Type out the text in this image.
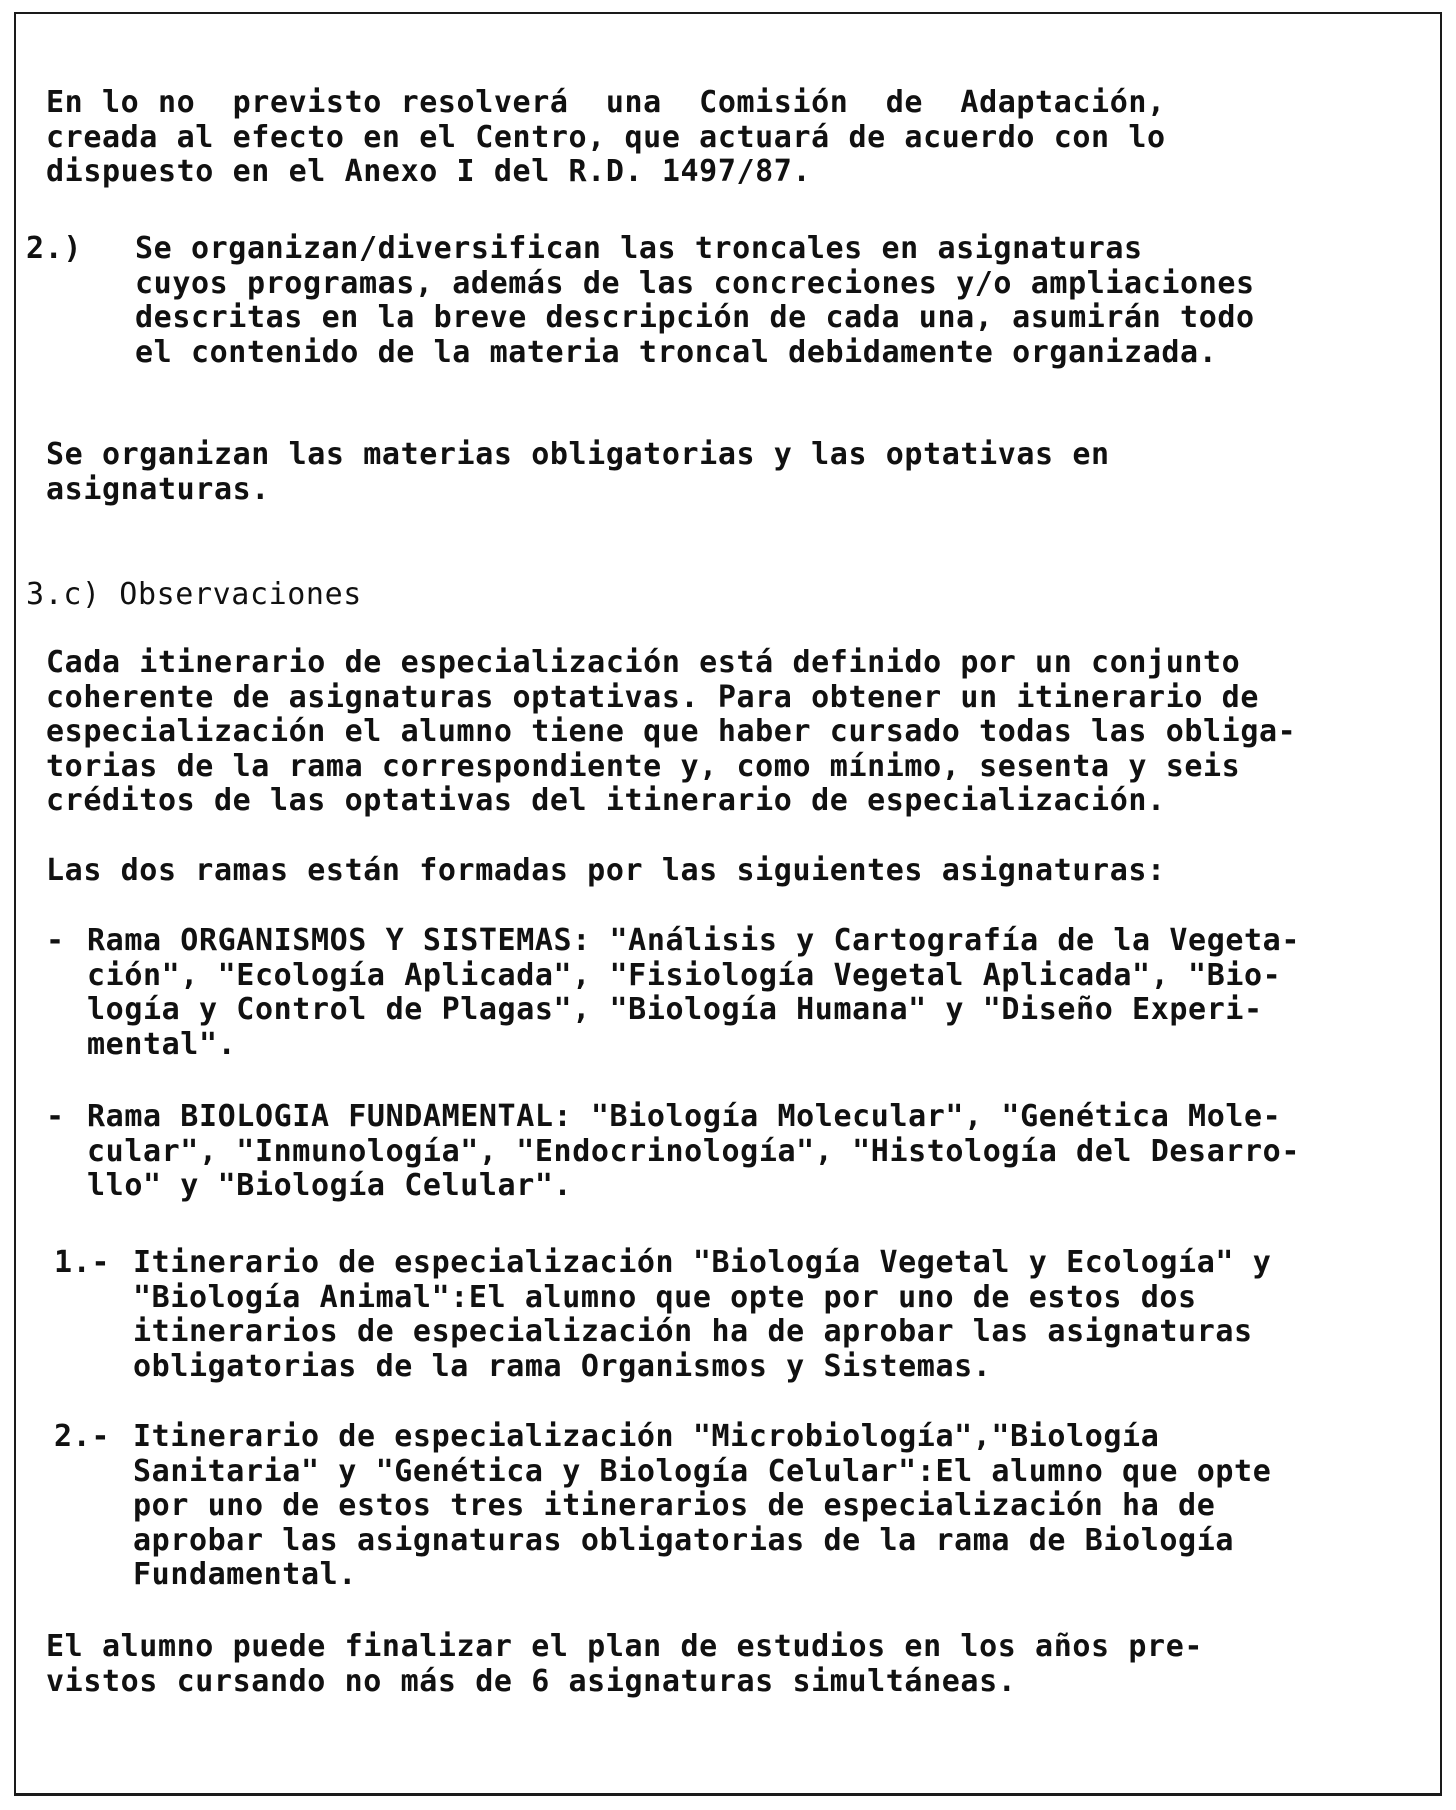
En lo no  previsto resolverá  una  Comisión  de  Adaptación,
creada al efecto en el Centro, que actuará de acuerdo con lo
dispuesto en el Anexo I del R.D. 1497/87.
2.) Se organizan/diversifican las troncales en asignaturas
cuyos programas, además de las concreciones y/o ampliaciones
descritas en la breve descripción de cada una, asumirán todo
el contenido de la materia troncal debidamente organizada.
Se organizan las materias obligatorias y las optativas en
asignaturas.
3.c) Observaciones
Cada itinerario de especialización está definido por un conjunto
coherente de asignaturas optativas. Para obtener un itinerario de
especialización el alumno tiene que haber cursado todas las obliga-
torias de la rama correspondiente y, como mínimo, sesenta y seis
créditos de las optativas del itinerario de especialización.
Las dos ramas están formadas por las siguientes asignaturas:
- Rama ORGANISMOS Y SISTEMAS: "Análisis y Cartografía de la Vegeta-
ción", "Ecología Aplicada", "Fisiología Vegetal Aplicada", "Bio-
logía y Control de Plagas", "Biología Humana" y "Diseño Experi-
mental".
- Rama BIOLOGIA FUNDAMENTAL: "Biología Molecular", "Genética Mole-
cular", "Inmunología", "Endocrinología", "Histología del Desarro-
llo" y "Biología Celular".
1.- Itinerario de especialización "Biología Vegetal y Ecología" y
"Biología Animal":El alumno que opte por uno de estos dos
itinerarios de especialización ha de aprobar las asignaturas
obligatorias de la rama Organismos y Sistemas.
2.- Itinerario de especialización "Microbiología","Biología
Sanitaria" y "Genética y Biología Celular":El alumno que opte
por uno de estos tres itinerarios de especialización ha de
aprobar las asignaturas obligatorias de la rama de Biología
Fundamental.
El alumno puede finalizar el plan de estudios en los años pre-
vistos cursando no más de 6 asignaturas simultáneas.
